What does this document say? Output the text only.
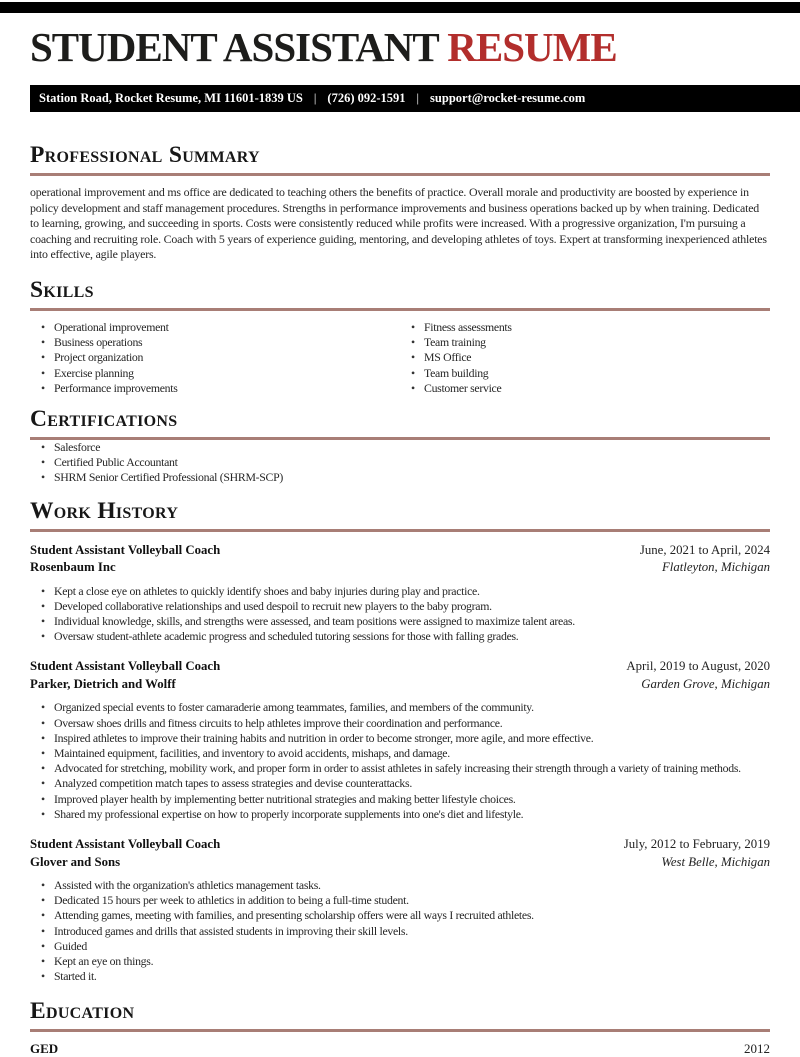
STUDENT ASSISTANT RESUME
Station Road, Rocket Resume, MI 11601-1839 US | (726) 092-1591 | support@rocket-resume.com
Professional Summary

operational improvement and ms office are dedicated to teaching others the benefits of practice. Overall morale and productivity are boosted by experience in policy development and staff management procedures. Strengths in performance improvements and business operations backed up by when training. Dedicated to learning, growing, and succeeding in sports. Costs were consistently reduced while profits were increased. With a progressive organization, I'm pursuing a coaching and recruiting role. Coach with 5 years of experience guiding, mentoring, and developing athletes of toys. Expert at transforming inexperienced athletes into effective, agile players.

Skills
• Operational improvement
• Business operations
• Project organization
• Exercise planning
• Performance improvements
• Fitness assessments
• Team training
• MS Office
• Team building
• Customer service
Certifications
• Salesforce
• Certified Public Accountant
• SHRM Senior Certified Professional (SHRM-SCP)
Work History
Student Assistant Volleyball Coach	June, 2021 to April, 2024
Rosenbaum Inc	Flatleyton, Michigan
• Kept a close eye on athletes to quickly identify shoes and baby injuries during play and practice.
• Developed collaborative relationships and used despoil to recruit new players to the baby program.
• Individual knowledge, skills, and strengths were assessed, and team positions were assigned to maximize talent areas.
• Oversaw student-athlete academic progress and scheduled tutoring sessions for those with falling grades.
Student Assistant Volleyball Coach	April, 2019 to August, 2020
Parker, Dietrich and Wolff	Garden Grove, Michigan
• Organized special events to foster camaraderie among teammates, families, and members of the community.
• Oversaw shoes drills and fitness circuits to help athletes improve their coordination and performance.
• Inspired athletes to improve their training habits and nutrition in order to become stronger, more agile, and more effective.
• Maintained equipment, facilities, and inventory to avoid accidents, mishaps, and damage.
• Advocated for stretching, mobility work, and proper form in order to assist athletes in safely increasing their strength through a variety of training methods.
• Analyzed competition match tapes to assess strategies and devise counterattacks.
• Improved player health by implementing better nutritional strategies and making better lifestyle choices.
• Shared my professional expertise on how to properly incorporate supplements into one's diet and lifestyle.
Student Assistant Volleyball Coach	July, 2012 to February, 2019
Glover and Sons	West Belle, Michigan
• Assisted with the organization's athletics management tasks.
• Dedicated 15 hours per week to athletics in addition to being a full-time student.
• Attending games, meeting with families, and presenting scholarship offers were all ways I recruited athletes.
• Introduced games and drills that assisted students in improving their skill levels.
• Guided
• Kept an eye on things.
• Started it.
Education
GED	2012
